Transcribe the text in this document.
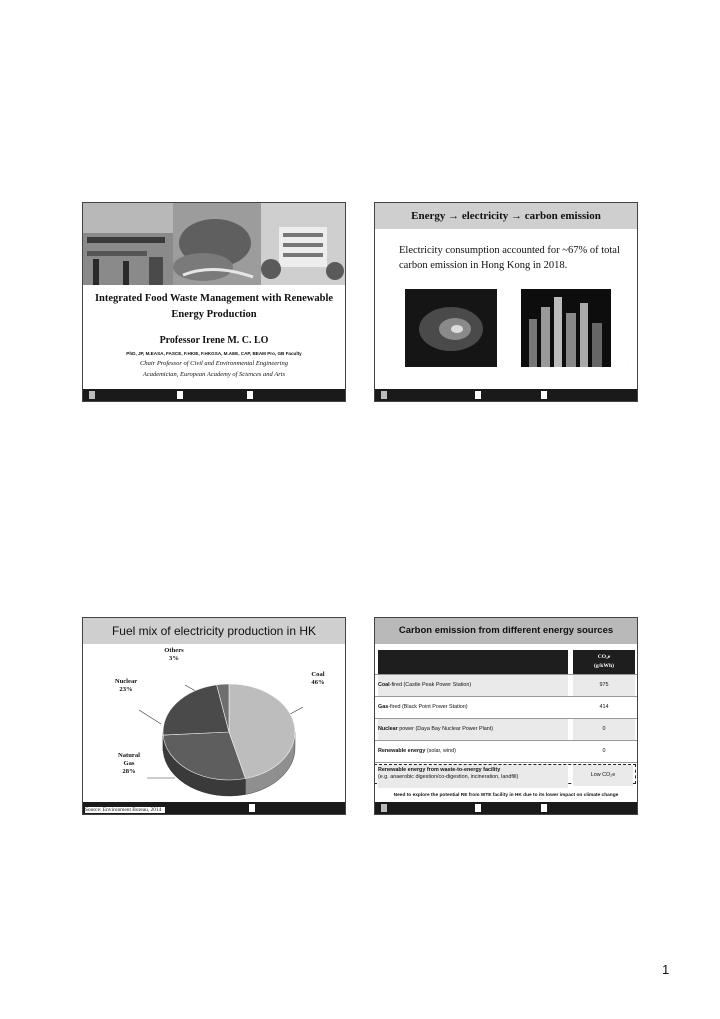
Integrated Food Waste Management with Renewable Energy Production
Professor Irene M. C. LO
PhD, JP, M.EASA, FASCE, F.HKIE, F.HKGSA, M.AEE, CAP, BEAM Pro, GB Faculty
Chair Professor of Civil and Environmental Engineering
Academician, European Academy of Sciences and Arts
Energy → electricity → carbon emission
Electricity consumption accounted for ~67% of total carbon emission in Hong Kong in 2018.
·
Fuel mix of electricity production in HK
Others
3%
Coal
46%
Nuclear
23%
Natural
Gas
28%
Source: Environment Bureau, 2014
Carbon emission from different energy sources
CO₂e
(g/kWh)
Coal-fired (Castle Peak Power Station)	975
Gas-fired (Black Point Power Station)	414
Nuclear power (Daya Bay Nuclear Power Plant)	0
Renewable energy (solar, wind)	0
Renewable energy from waste-to-energy facility
(e.g. anaerobic digestion/co-digestion, incineration, landfill)	Low CO₂e
Need to explore the potential RE from WTE facility in HK due to its lower impact on climate change
1
